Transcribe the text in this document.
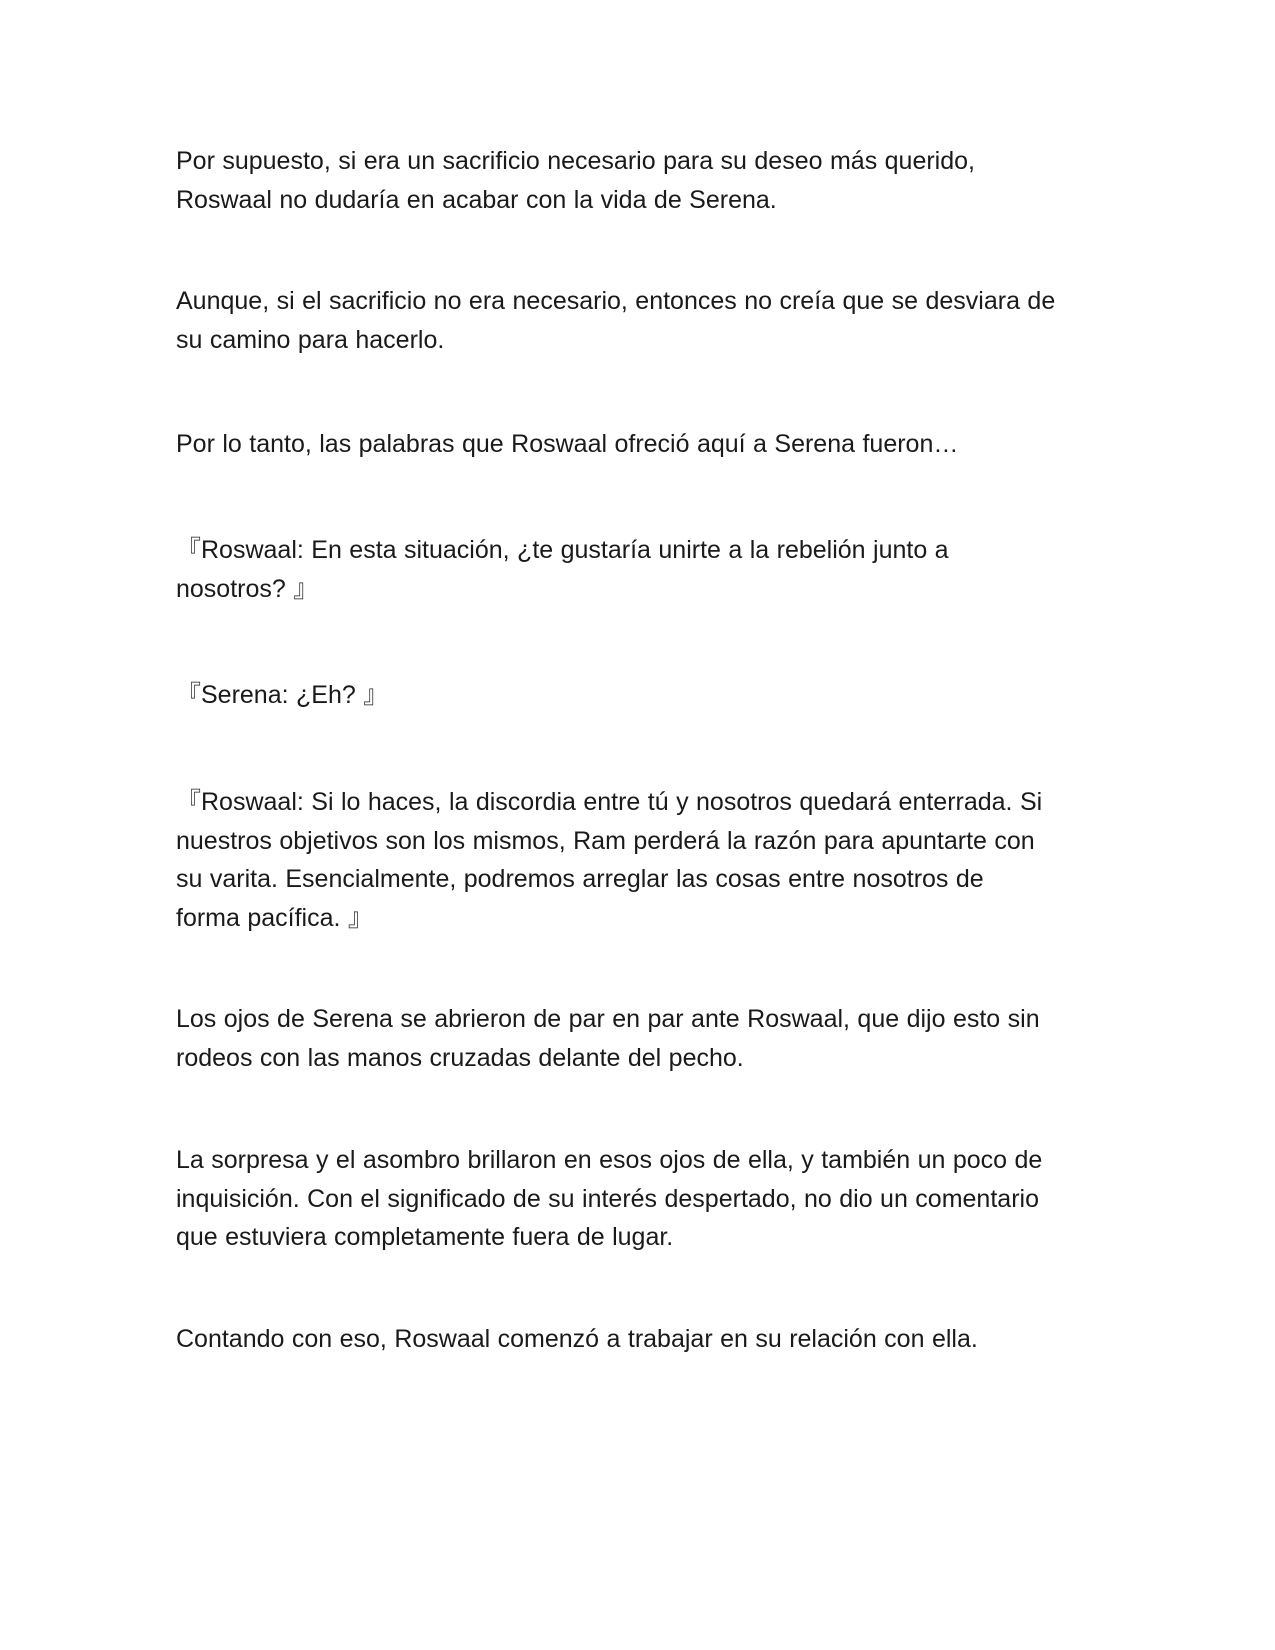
Por supuesto, si era un sacrificio necesario para su deseo más querido,
Roswaal no dudaría en acabar con la vida de Serena.

Aunque, si el sacrificio no era necesario, entonces no creía que se desviara de
su camino para hacerlo.

Por lo tanto, las palabras que Roswaal ofreció aquí a Serena fueron…

『Roswaal: En esta situación, ¿te gustaría unirte a la rebelión junto a
nosotros? 』

『Serena: ¿Eh? 』

『Roswaal: Si lo haces, la discordia entre tú y nosotros quedará enterrada. Si
nuestros objetivos son los mismos, Ram perderá la razón para apuntarte con
su varita. Esencialmente, podremos arreglar las cosas entre nosotros de
forma pacífica. 』

Los ojos de Serena se abrieron de par en par ante Roswaal, que dijo esto sin
rodeos con las manos cruzadas delante del pecho.

La sorpresa y el asombro brillaron en esos ojos de ella, y también un poco de
inquisición. Con el significado de su interés despertado, no dio un comentario
que estuviera completamente fuera de lugar.

Contando con eso, Roswaal comenzó a trabajar en su relación con ella.
